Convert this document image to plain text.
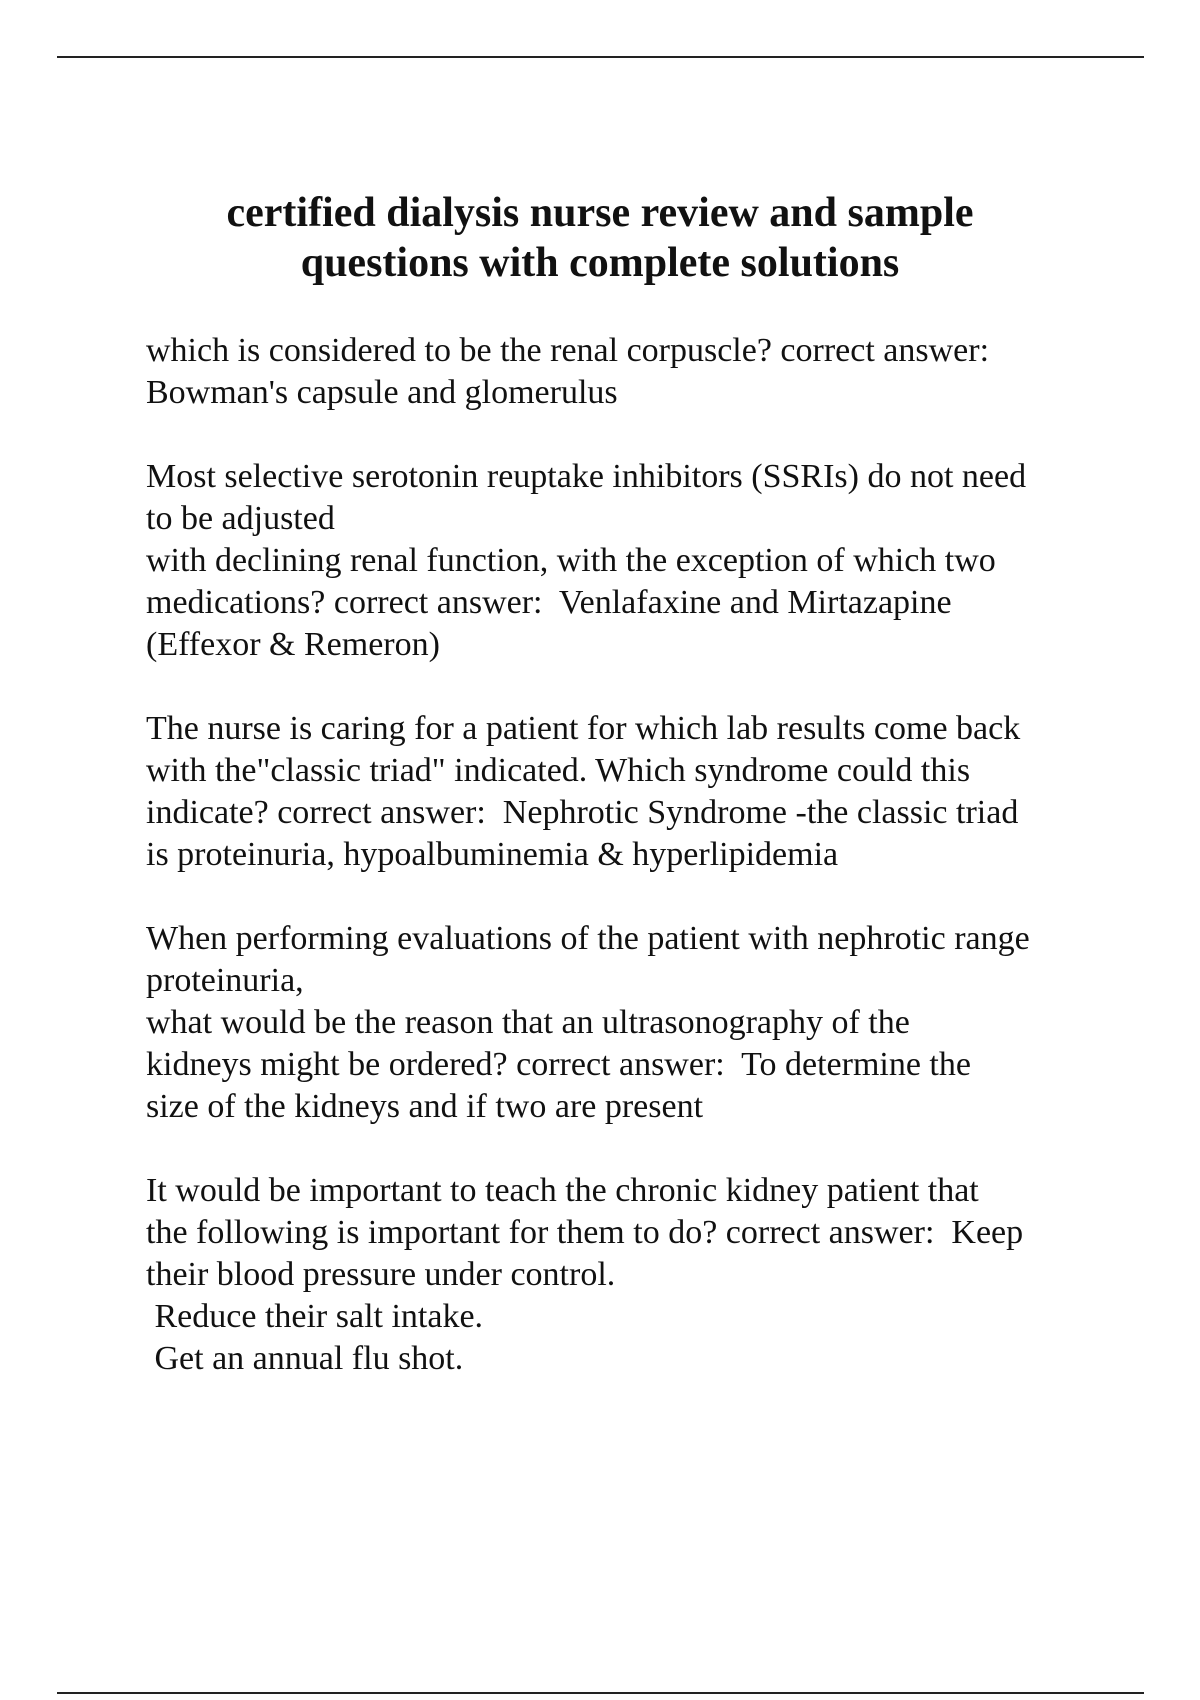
certified dialysis nurse review and sample
questions with complete solutions

which is considered to be the renal corpuscle? correct answer:
Bowman's capsule and glomerulus

Most selective serotonin reuptake inhibitors (SSRIs) do not need
to be adjusted
with declining renal function, with the exception of which two
medications? correct answer:  Venlafaxine and Mirtazapine
(Effexor & Remeron)

The nurse is caring for a patient for which lab results come back
with the"classic triad" indicated. Which syndrome could this
indicate? correct answer:  Nephrotic Syndrome -the classic triad
is proteinuria, hypoalbuminemia & hyperlipidemia

When performing evaluations of the patient with nephrotic range
proteinuria,
what would be the reason that an ultrasonography of the
kidneys might be ordered? correct answer:  To determine the
size of the kidneys and if two are present

It would be important to teach the chronic kidney patient that
the following is important for them to do? correct answer:  Keep
their blood pressure under control.
Reduce their salt intake.
Get an annual flu shot.
